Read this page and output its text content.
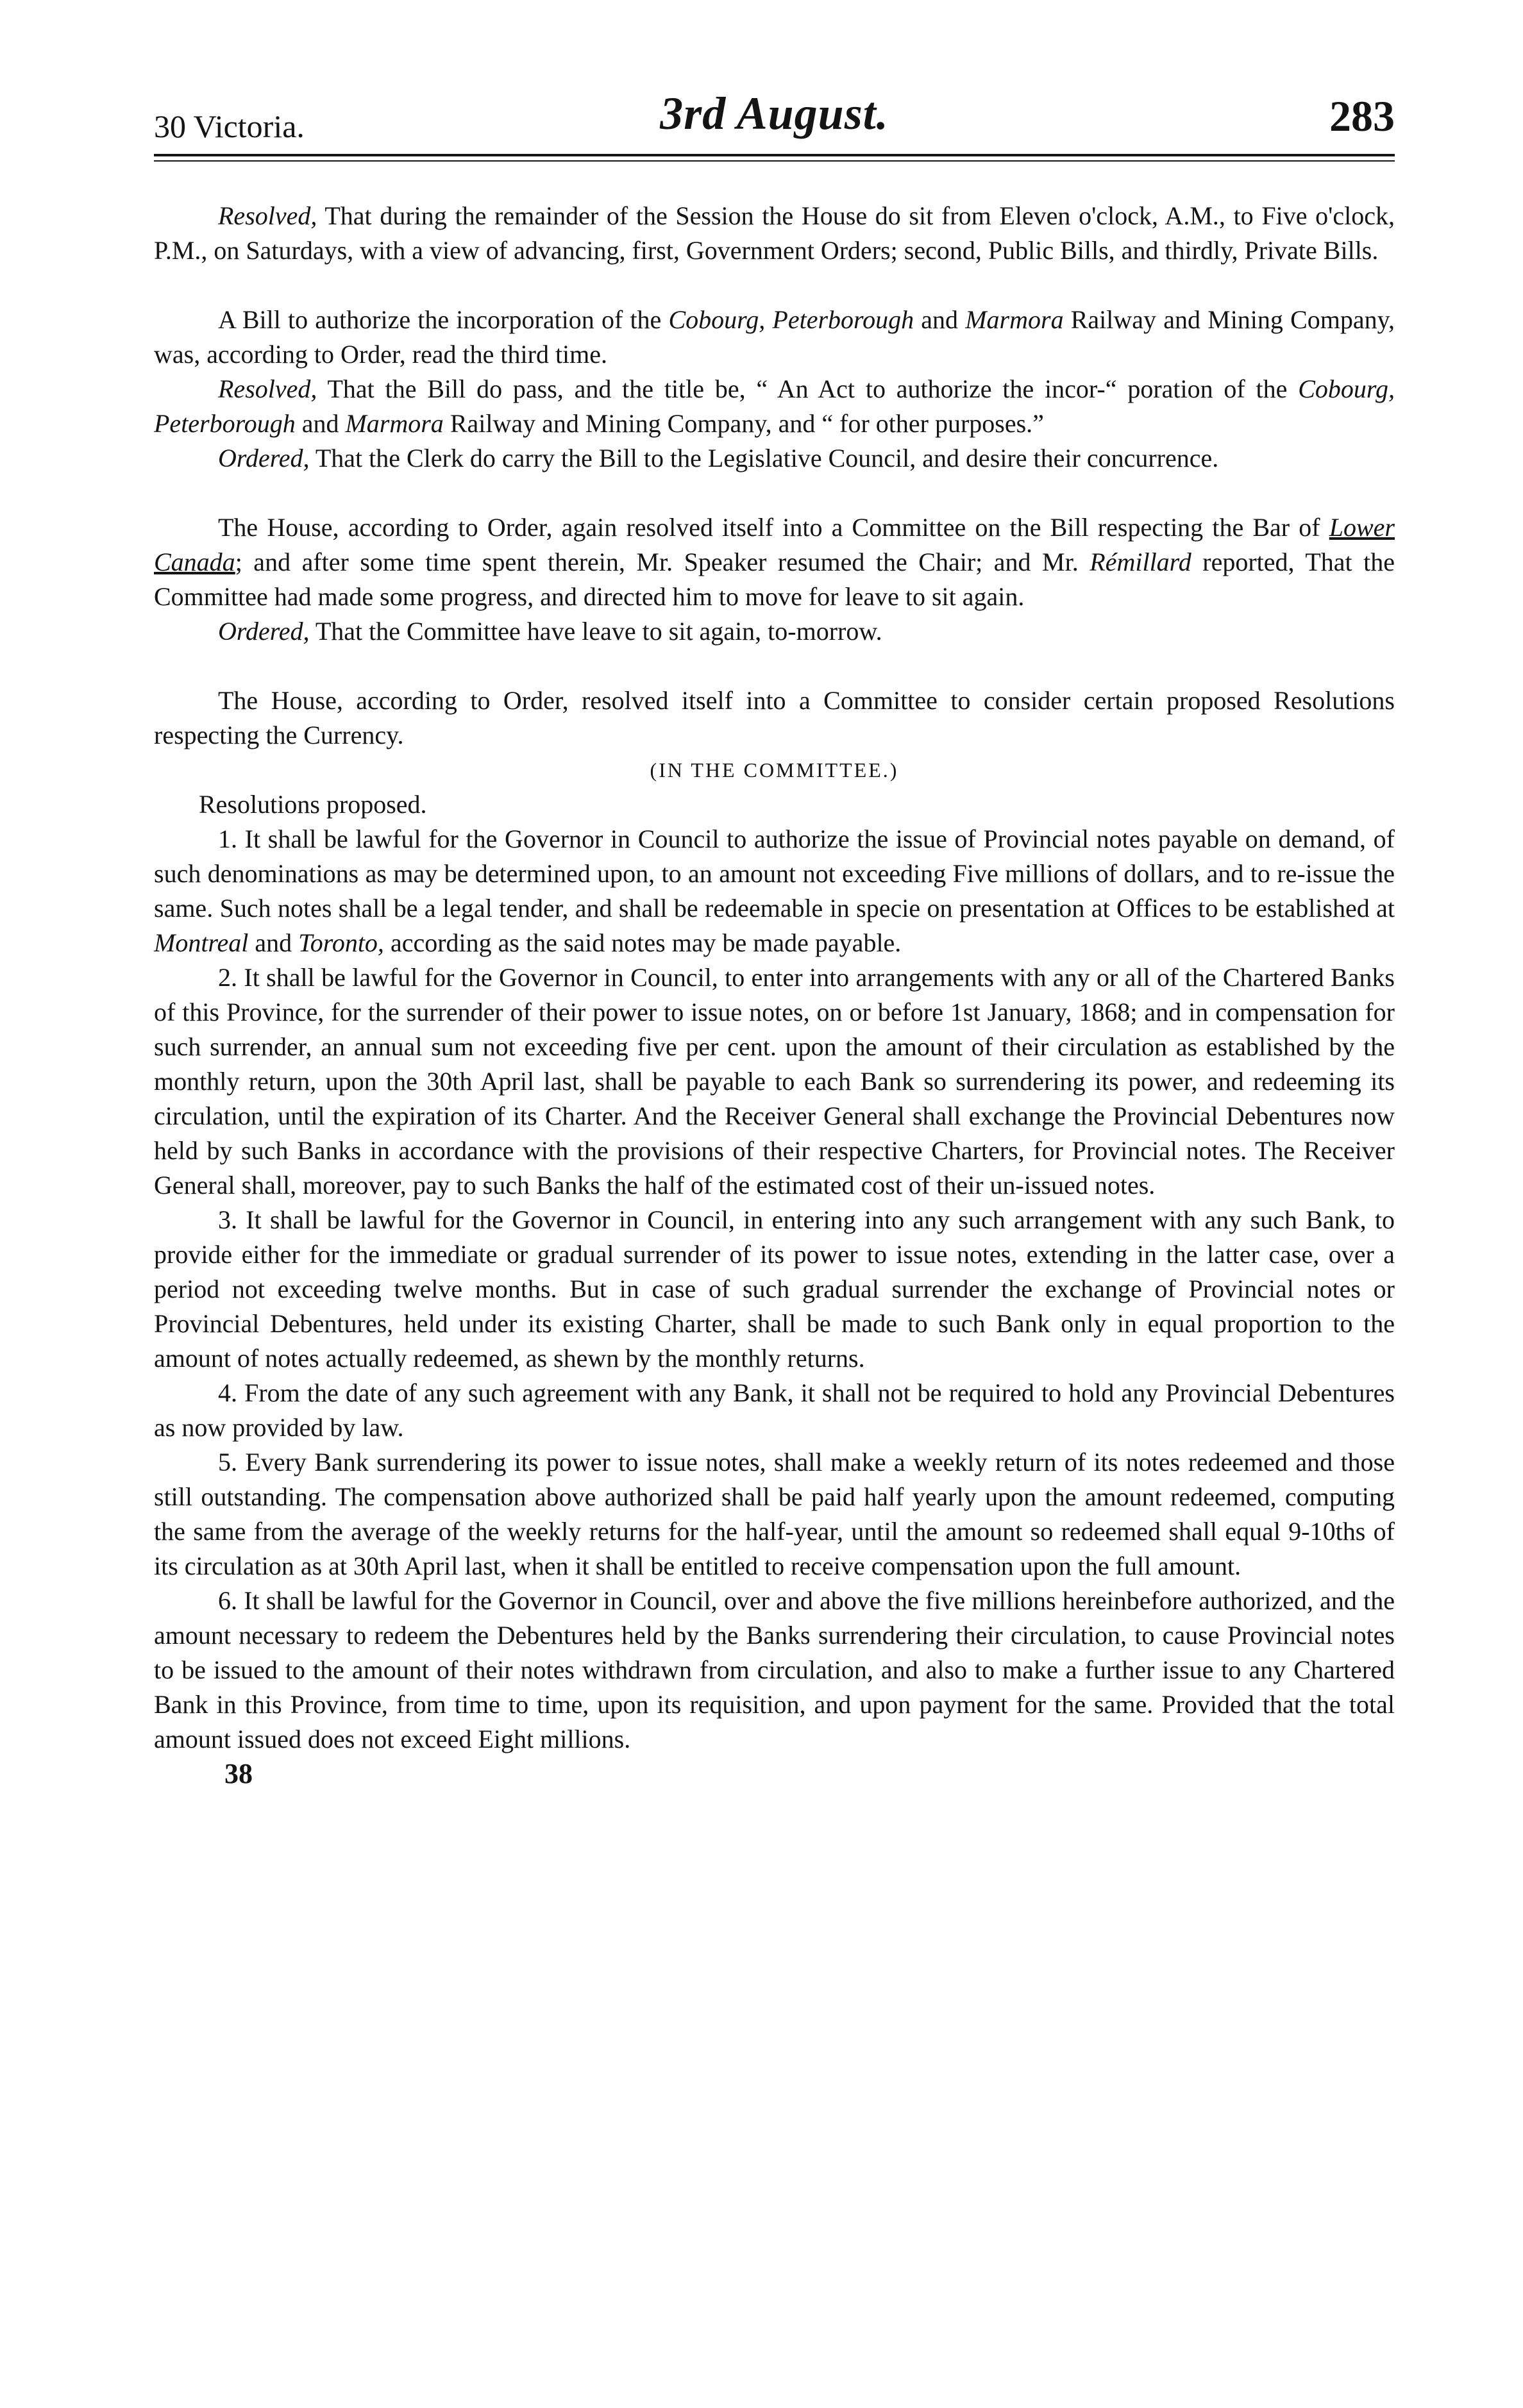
30 Victoria.	3rd August.	283

Resolved, That during the remainder of the Session the House do sit from Eleven o'clock, A.M., to Five o'clock, P.M., on Saturdays, with a view of advancing, first, Government Orders; second, Public Bills, and thirdly, Private Bills.

A Bill to authorize the incorporation of the Cobourg, Peterborough and Marmora Railway and Mining Company, was, according to Order, read the third time.

Resolved, That the Bill do pass, and the title be, “ An Act to authorize the incor-“ poration of the Cobourg, Peterborough and Marmora Railway and Mining Company, and “ for other purposes.”

Ordered, That the Clerk do carry the Bill to the Legislative Council, and desire their concurrence.

The House, according to Order, again resolved itself into a Committee on the Bill respecting the Bar of Lower Canada; and after some time spent therein, Mr. Speaker resumed the Chair; and Mr. Rémillard reported, That the Committee had made some progress, and directed him to move for leave to sit again.

Ordered, That the Committee have leave to sit again, to-morrow.

The House, according to Order, resolved itself into a Committee to consider certain proposed Resolutions respecting the Currency.

(IN THE COMMITTEE.)

Resolutions proposed.

1. It shall be lawful for the Governor in Council to authorize the issue of Provincial notes payable on demand, of such denominations as may be determined upon, to an amount not exceeding Five millions of dollars, and to re-issue the same. Such notes shall be a legal tender, and shall be redeemable in specie on presentation at Offices to be established at Montreal and Toronto, according as the said notes may be made payable.

2. It shall be lawful for the Governor in Council, to enter into arrangements with any or all of the Chartered Banks of this Province, for the surrender of their power to issue notes, on or before 1st January, 1868; and in compensation for such surrender, an annual sum not exceeding five per cent. upon the amount of their circulation as established by the monthly return, upon the 30th April last, shall be payable to each Bank so surrendering its power, and redeeming its circulation, until the expiration of its Charter. And the Receiver General shall exchange the Provincial Debentures now held by such Banks in accordance with the provisions of their respective Charters, for Provincial notes. The Receiver General shall, moreover, pay to such Banks the half of the estimated cost of their un-issued notes.

3. It shall be lawful for the Governor in Council, in entering into any such arrangement with any such Bank, to provide either for the immediate or gradual surrender of its power to issue notes, extending in the latter case, over a period not exceeding twelve months. But in case of such gradual surrender the exchange of Provincial notes or Provincial Debentures, held under its existing Charter, shall be made to such Bank only in equal proportion to the amount of notes actually redeemed, as shewn by the monthly returns.

4. From the date of any such agreement with any Bank, it shall not be required to hold any Provincial Debentures as now provided by law.

5. Every Bank surrendering its power to issue notes, shall make a weekly return of its notes redeemed and those still outstanding. The compensation above authorized shall be paid half yearly upon the amount redeemed, computing the same from the average of the weekly returns for the half-year, until the amount so redeemed shall equal 9-10ths of its circulation as at 30th April last, when it shall be entitled to receive compensation upon the full amount.

6. It shall be lawful for the Governor in Council, over and above the five millions hereinbefore authorized, and the amount necessary to redeem the Debentures held by the Banks surrendering their circulation, to cause Provincial notes to be issued to the amount of their notes withdrawn from circulation, and also to make a further issue to any Chartered Bank in this Province, from time to time, upon its requisition, and upon payment for the same. Provided that the total amount issued does not exceed Eight millions.

38
